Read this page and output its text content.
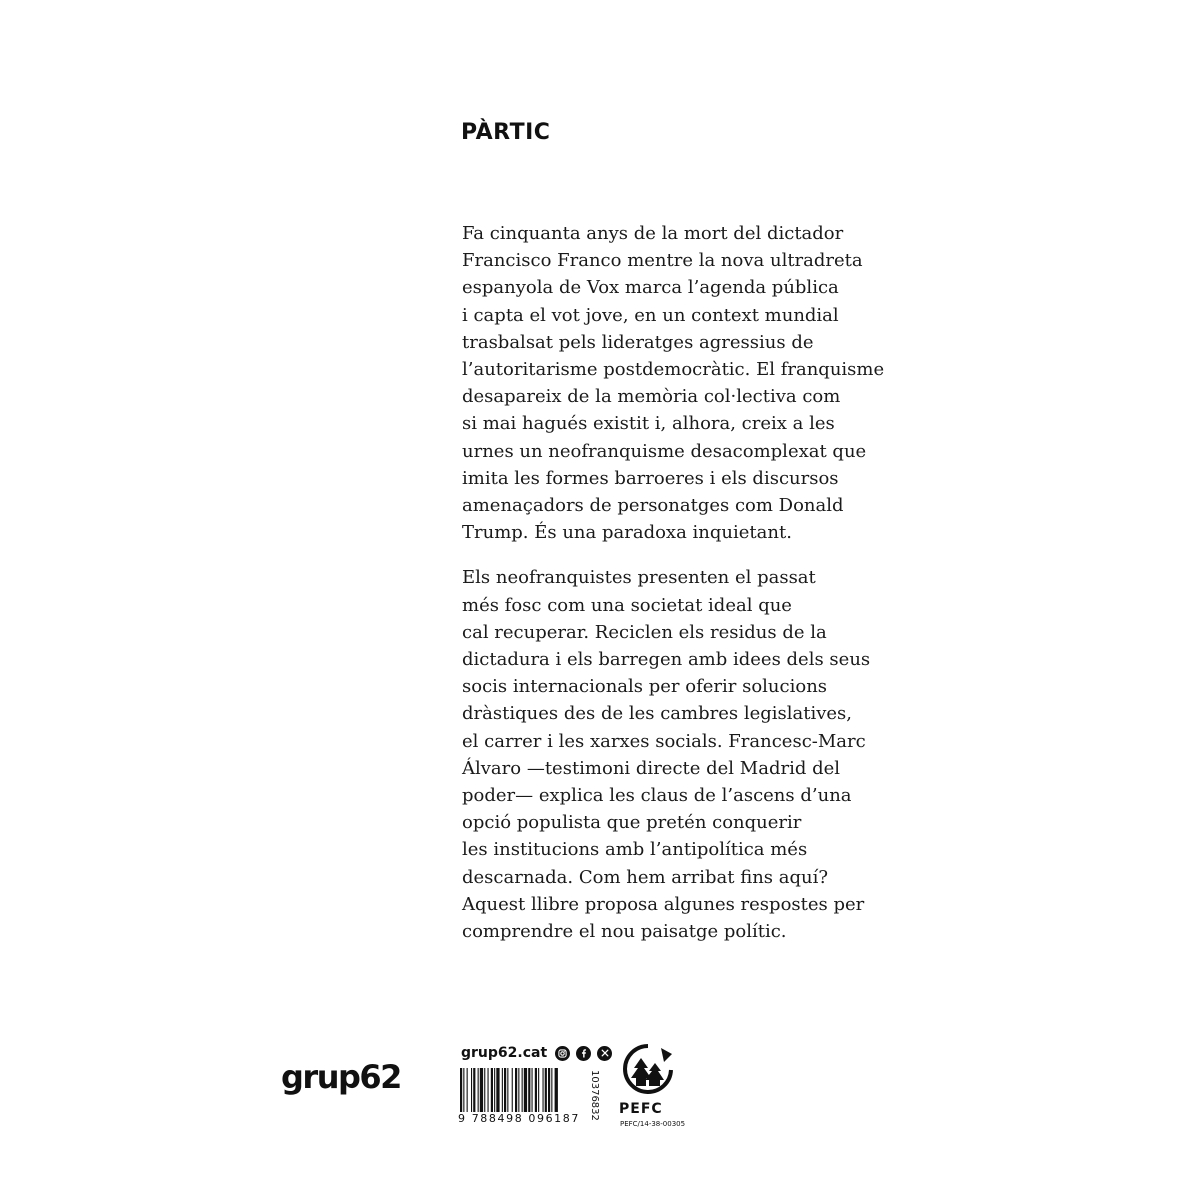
PÀRTIC

Fa cinquanta anys de la mort del dictador
Francisco Franco mentre la nova ultradreta
espanyola de Vox marca l’agenda pública
i capta el vot jove, en un context mundial
trasbalsat pels lideratges agressius de
l’autoritarisme postdemocràtic. El franquisme
desapareix de la memòria col·lectiva com
si mai hagués existit i, alhora, creix a les
urnes un neofranquisme desacomplexat que
imita les formes barroeres i els discursos
amenaçadors de personatges com Donald
Trump. És una paradoxa inquietant.

Els neofranquistes presenten el passat
més fosc com una societat ideal que
cal recuperar. Reciclen els residus de la
dictadura i els barregen amb idees dels seus
socis internacionals per oferir solucions
dràstiques des de les cambres legislatives,
el carrer i les xarxes socials. Francesc-Marc
Álvaro —testimoni directe del Madrid del
poder— explica les claus de l’ascens d’una
opció populista que pretén conquerir
les institucions amb l’antipolítica més
descarnada. Com hem arribat fins aquí?
Aquest llibre proposa algunes respostes per
comprendre el nou paisatge polític.

grup62
grup62.cat
9 788498 096187 10376832 PEFC
PEFC/14-38-00305
